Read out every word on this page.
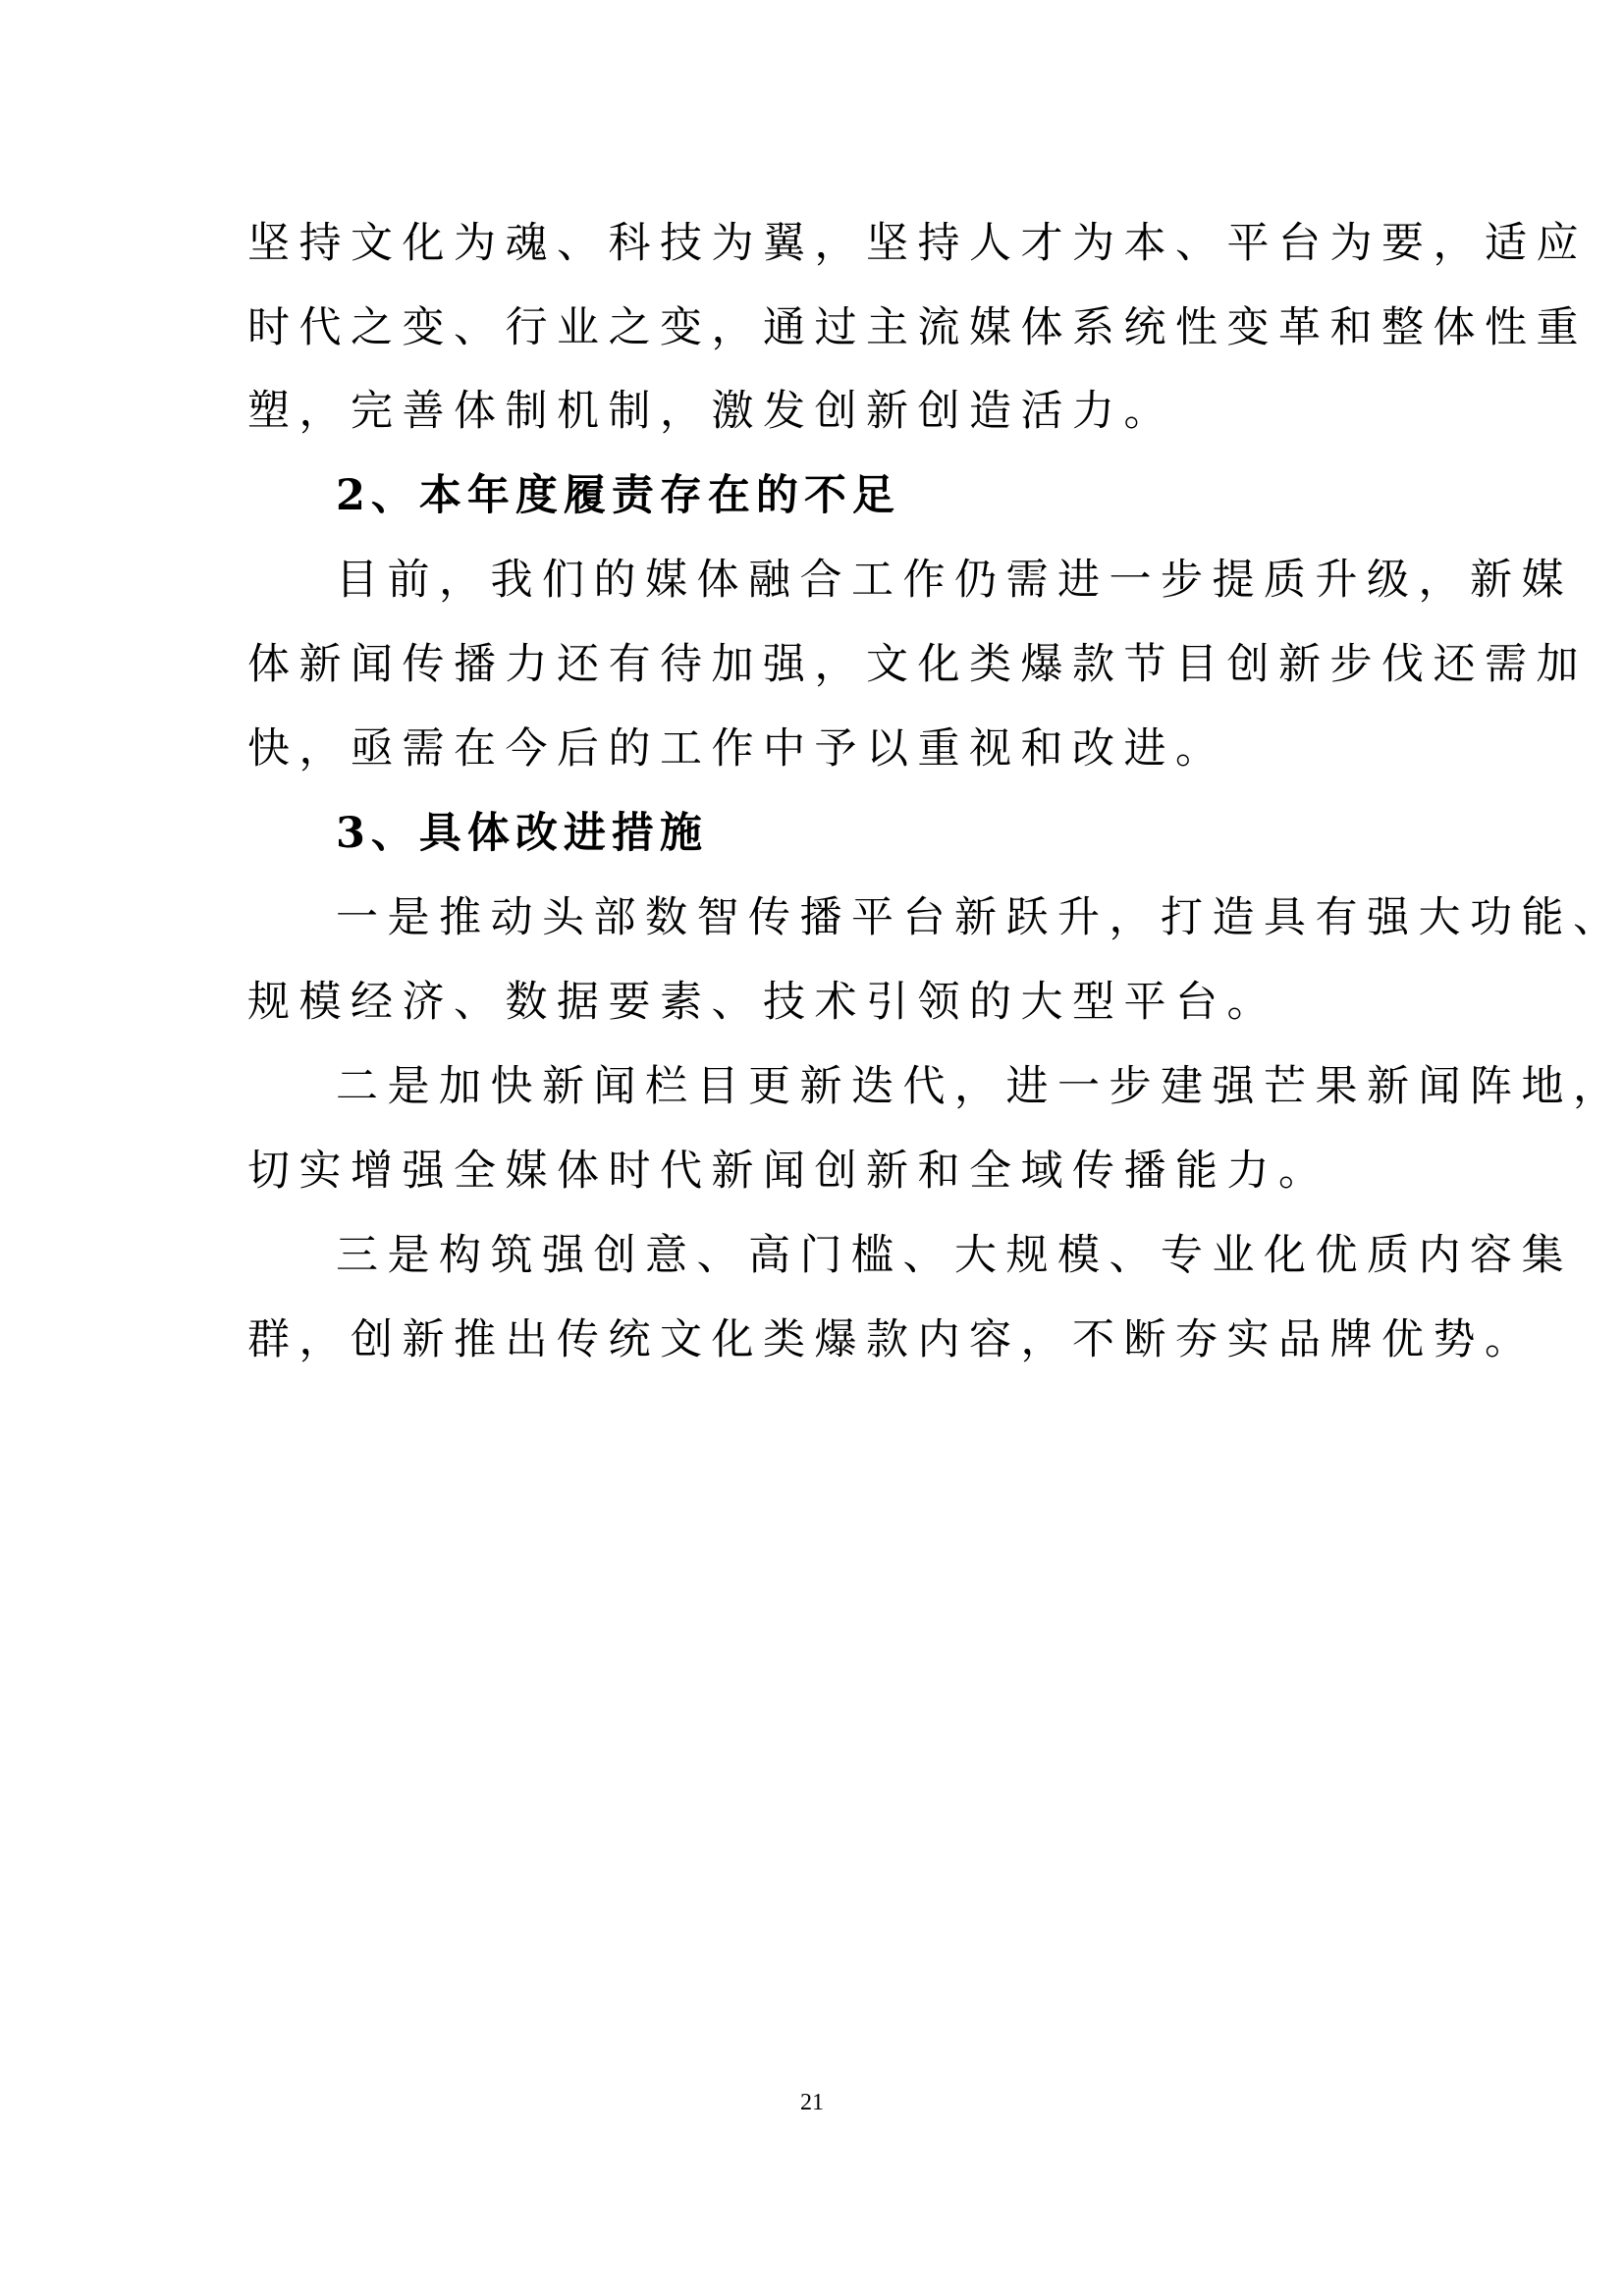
坚持文化为魂、科技为翼，坚持人才为本、平台为要，适应
时代之变、行业之变，通过主流媒体系统性变革和整体性重
塑，完善体制机制，激发创新创造活力。
2、本年度履责存在的不足
目前，我们的媒体融合工作仍需进一步提质升级，新媒
体新闻传播力还有待加强，文化类爆款节目创新步伐还需加
快，亟需在今后的工作中予以重视和改进。
3、具体改进措施
一是推动头部数智传播平台新跃升，打造具有强大功能、
规模经济、数据要素、技术引领的大型平台。
二是加快新闻栏目更新迭代，进一步建强芒果新闻阵地，
切实增强全媒体时代新闻创新和全域传播能力。
三是构筑强创意、高门槛、大规模、专业化优质内容集
群，创新推出传统文化类爆款内容，不断夯实品牌优势。
21
